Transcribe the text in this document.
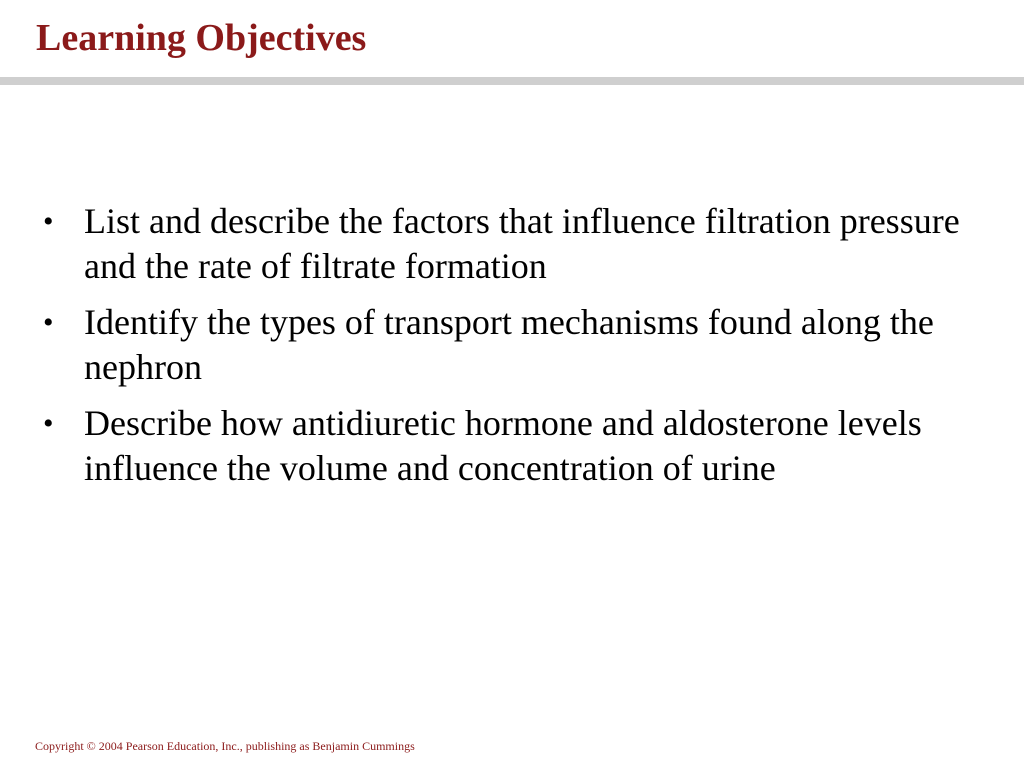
Learning Objectives
• List and describe the factors that influence filtration pressure and the rate of filtrate formation
• Identify the types of transport mechanisms found along the nephron
• Describe how antidiuretic hormone and aldosterone levels influence the volume and concentration of urine

Copyright © 2004 Pearson Education, Inc., publishing as Benjamin Cummings
